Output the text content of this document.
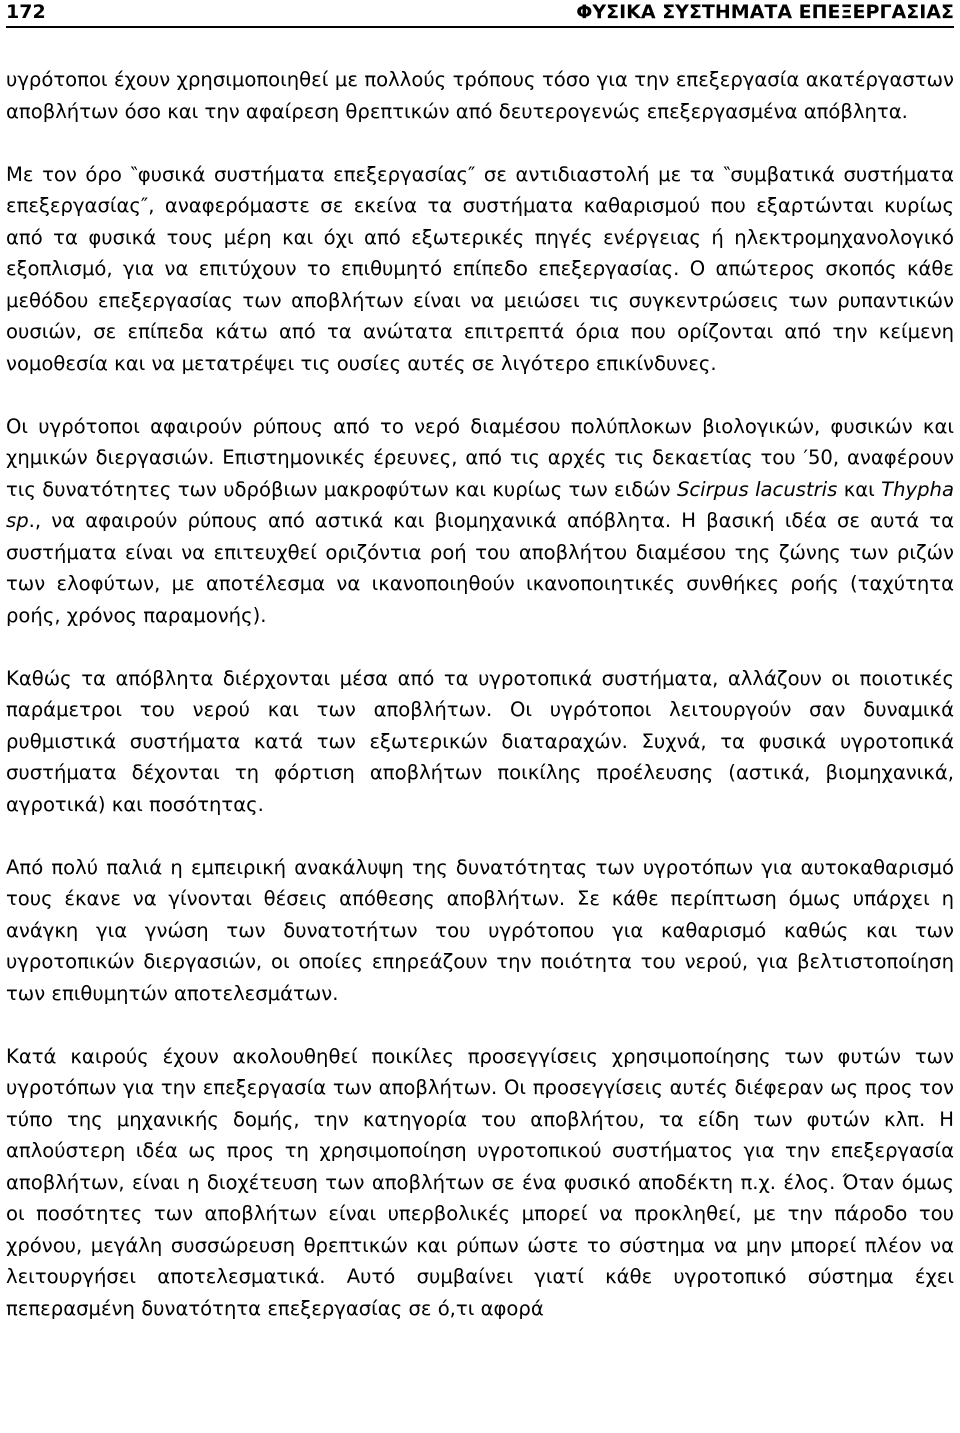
172	ΦΥΣΙΚΑ ΣΥΣΤΗΜΑΤΑ ΕΠΕΞΕΡΓΑΣΙΑΣ

υγρότοποι έχουν χρησιμοποιηθεί με πολλούς τρόπους τόσο για την επεξεργασία ακατέργαστων αποβλήτων όσο και την αφαίρεση θρεπτικών από δευτερογενώς επεξεργασμένα απόβλητα.

Με τον όρο ‶φυσικά συστήματα επεξεργασίας″ σε αντιδιαστολή με τα ‶συμβατικά συστήματα επεξεργασίας″, αναφερόμαστε σε εκείνα τα συστήματα καθαρισμού που εξαρτώνται κυρίως από τα φυσικά τους μέρη και όχι από εξωτερικές πηγές ενέργειας ή ηλεκτρομηχανολογικό εξοπλισμό, για να επιτύχουν το επιθυμητό επίπεδο επεξεργασίας. Ο απώτερος σκοπός κάθε μεθόδου επεξεργασίας των αποβλήτων είναι να μειώσει τις συγκεντρώσεις των ρυπαντικών ουσιών, σε επίπεδα κάτω από τα ανώτατα επιτρεπτά όρια που ορίζονται από την κείμενη νομοθεσία και να μετατρέψει τις ουσίες αυτές σε λιγότερο επικίνδυνες.

Οι υγρότοποι αφαιρούν ρύπους από το νερό διαμέσου πολύπλοκων βιολογικών, φυσικών και χημικών διεργασιών. Επιστημονικές έρευνες, από τις αρχές τις δεκαετίας του ′50, αναφέρουν τις δυνατότητες των υδρόβιων μακροφύτων και κυρίως των ειδών Scirpus lacustris και Thypha sp., να αφαιρούν ρύπους από αστικά και βιομηχανικά απόβλητα. Η βασική ιδέα σε αυτά τα συστήματα είναι να επιτευχθεί οριζόντια ροή του αποβλήτου διαμέσου της ζώνης των ριζών των ελοφύτων, με αποτέλεσμα να ικανοποιηθούν ικανοποιητικές συνθήκες ροής (ταχύτητα ροής, χρόνος παραμονής).

Καθώς τα απόβλητα διέρχονται μέσα από τα υγροτοπικά συστήματα, αλλάζουν οι ποιοτικές παράμετροι του νερού και των αποβλήτων. Οι υγρότοποι λειτουργούν σαν δυναμικά ρυθμιστικά συστήματα κατά των εξωτερικών διαταραχών. Συχνά, τα φυσικά υγροτοπικά συστήματα δέχονται τη φόρτιση αποβλήτων ποικίλης προέλευσης (αστικά, βιομηχανικά, αγροτικά) και ποσότητας.

Από πολύ παλιά η εμπειρική ανακάλυψη της δυνατότητας των υγροτόπων για αυτοκαθαρισμό τους έκανε να γίνονται θέσεις απόθεσης αποβλήτων. Σε κάθε περίπτωση όμως υπάρχει η ανάγκη για γνώση των δυνατοτήτων του υγρότοπου για καθαρισμό καθώς και των υγροτοπικών διεργασιών, οι οποίες επηρεάζουν την ποιότητα του νερού, για βελτιστοποίηση των επιθυμητών αποτελεσμάτων.

Κατά καιρούς έχουν ακολουθηθεί ποικίλες προσεγγίσεις χρησιμοποίησης των φυτών των υγροτόπων για την επεξεργασία των αποβλήτων. Οι προσεγγίσεις αυτές διέφεραν ως προς τον τύπο της μηχανικής δομής, την κατηγορία του αποβλήτου, τα είδη των φυτών κλπ. Η απλούστερη ιδέα ως προς τη χρησιμοποίηση υγροτοπικού συστήματος για την επεξεργασία αποβλήτων, είναι η διοχέτευση των αποβλήτων σε ένα φυσικό αποδέκτη π.χ. έλος. Όταν όμως οι ποσότητες των αποβλήτων είναι υπερβολικές μπορεί να προκληθεί, με την πάροδο του χρόνου, μεγάλη συσσώρευση θρεπτικών και ρύπων ώστε το σύστημα να μην μπορεί πλέον να λειτουργήσει αποτελεσματικά. Αυτό συμβαίνει γιατί κάθε υγροτοπικό σύστημα έχει πεπερασμένη δυνατότητα επεξεργασίας σε ό,τι αφορά
